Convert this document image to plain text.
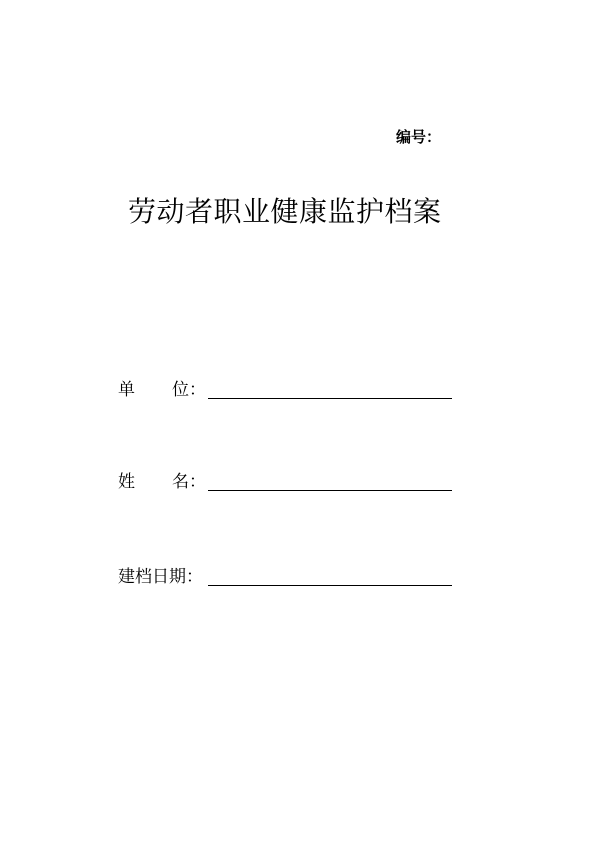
编号：
劳动者职业健康监护档案
单 位：
姓 名：
建档日期：
